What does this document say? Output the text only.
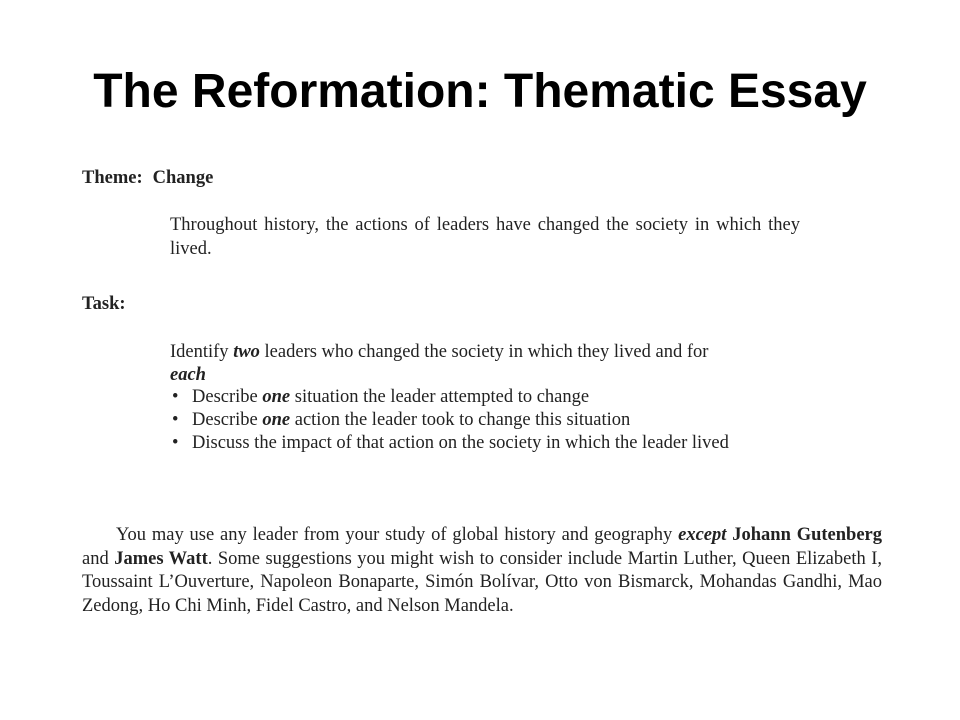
The Reformation: Thematic Essay
Theme: Change

Throughout history, the actions of leaders have changed the society in which they lived.

Task:

Identify two leaders who changed the society in which they lived and for
each

• Describe one situation the leader attempted to change
• Describe one action the leader took to change this situation
• Discuss the impact of that action on the society in which the leader lived

You may use any leader from your study of global history and geography except Johann Gutenberg and James Watt. Some suggestions you might wish to consider include Martin Luther, Queen Elizabeth I, Toussaint L’Ouverture, Napoleon Bonaparte, Simón Bolívar, Otto von Bismarck, Mohandas Gandhi, Mao Zedong, Ho Chi Minh, Fidel Castro, and Nelson Mandela.
